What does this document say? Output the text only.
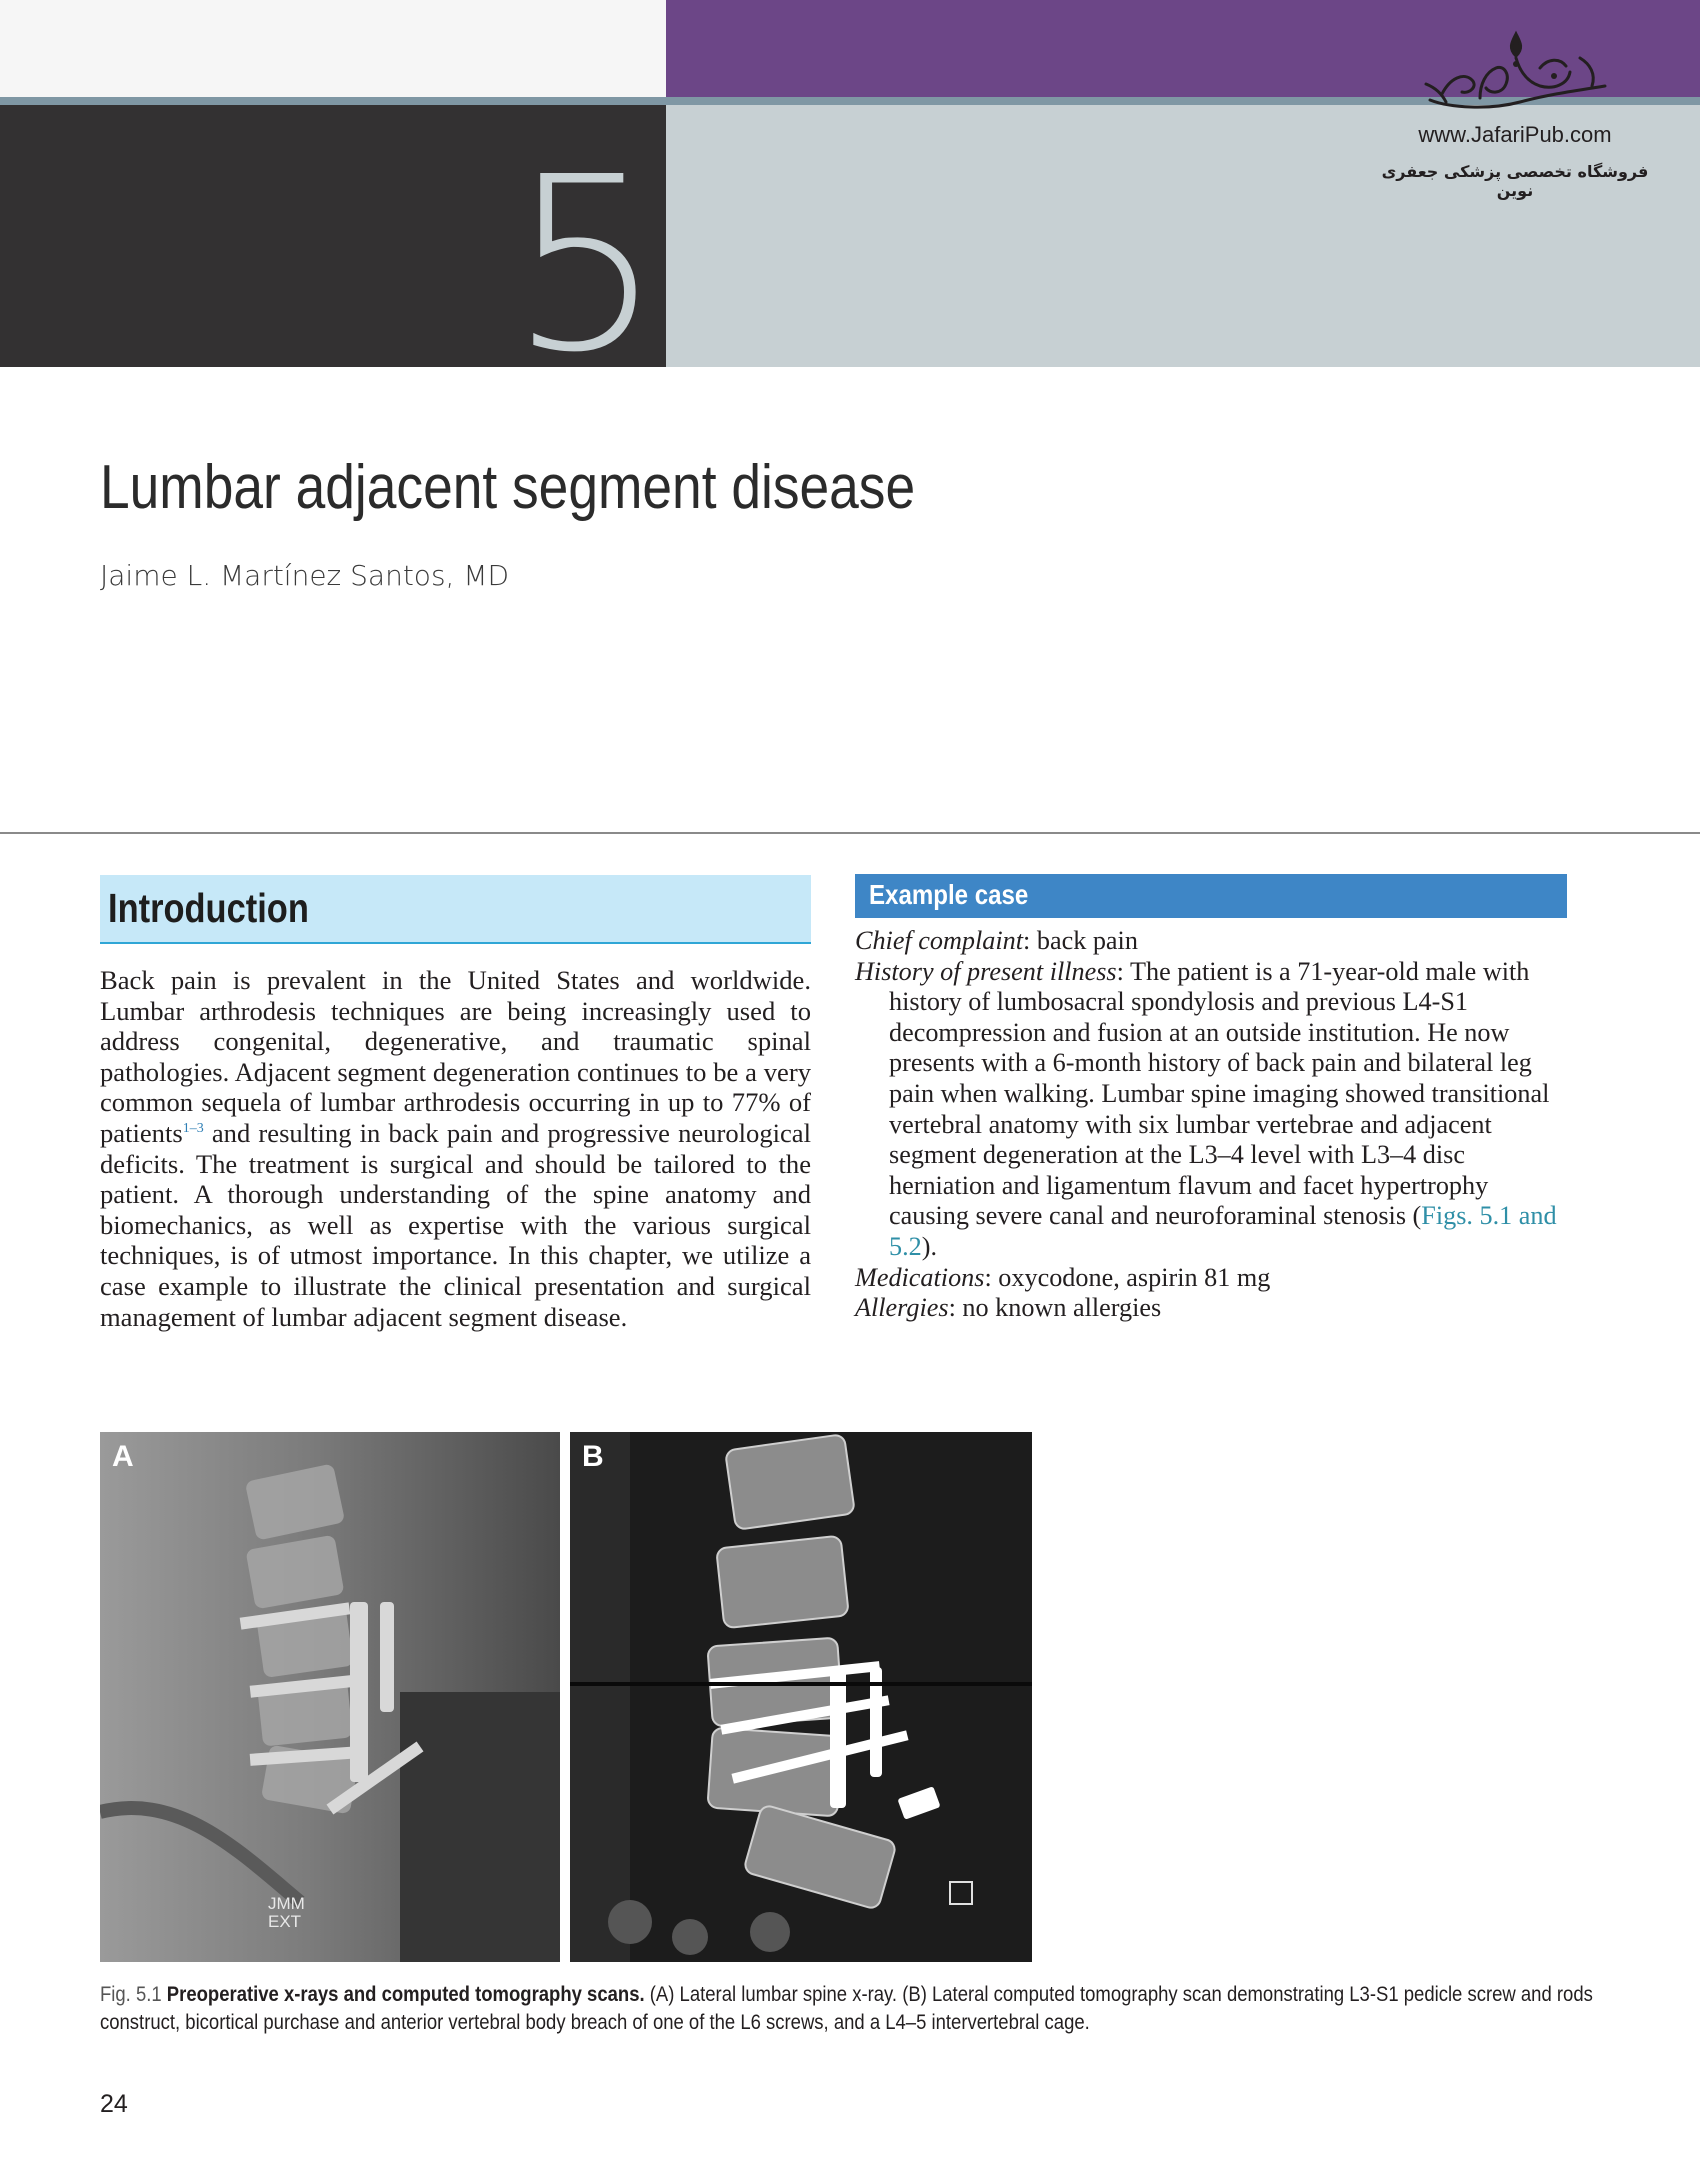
5	www.JafariPub.com
فروشگاه تخصصی پزشکی جعفری نوین
Lumbar adjacent segment disease
Jaime L. Martínez Santos, MD
Introduction
Back pain is prevalent in the United States and worldwide. Lumbar arthrodesis techniques are being increasingly used to address congenital, degenerative, and traumatic spinal pathologies. Adjacent segment degeneration continues to be a very common sequela of lumbar arthrodesis occurring in up to 77% of patients$^{1-3}$ and resulting in back pain and progressive neurological deficits. The treatment is surgical and should be tailored to the patient. A thorough understanding of the spine anatomy and biomechanics, as well as expertise with the various surgical techniques, is of utmost importance. In this chapter, we utilize a case example to illustrate the clinical presentation and surgical management of lumbar adjacent segment disease.
Example case

Chief complaint: back pain

History of present illness: The patient is a 71-year-old male with history of lumbosacral spondylosis and previous L4-S1 decompression and fusion at an outside institution. He now presents with a 6-month history of back pain and bilateral leg pain when walking. Lumbar spine imaging showed transitional vertebral anatomy with six lumbar vertebrae and adjacent segment degeneration at the L3–4 level with L3–4 disc herniation and ligamentum flavum and facet hypertrophy causing severe canal and neuroforaminal stenosis (Figs. 5.1 and 5.2).

Medications: oxycodone, aspirin 81 mg

Allergies: no known allergies

A
JMM
EXT
B
Fig. 5.1 Preoperative x-rays and computed tomography scans. (A) Lateral lumbar spine x-ray. (B) Lateral computed tomography scan demonstrating L3-S1 pedicle screw and rods construct, bicortical purchase and anterior vertebral body breach of one of the L6 screws, and a L4–5 intervertebral cage.
24
